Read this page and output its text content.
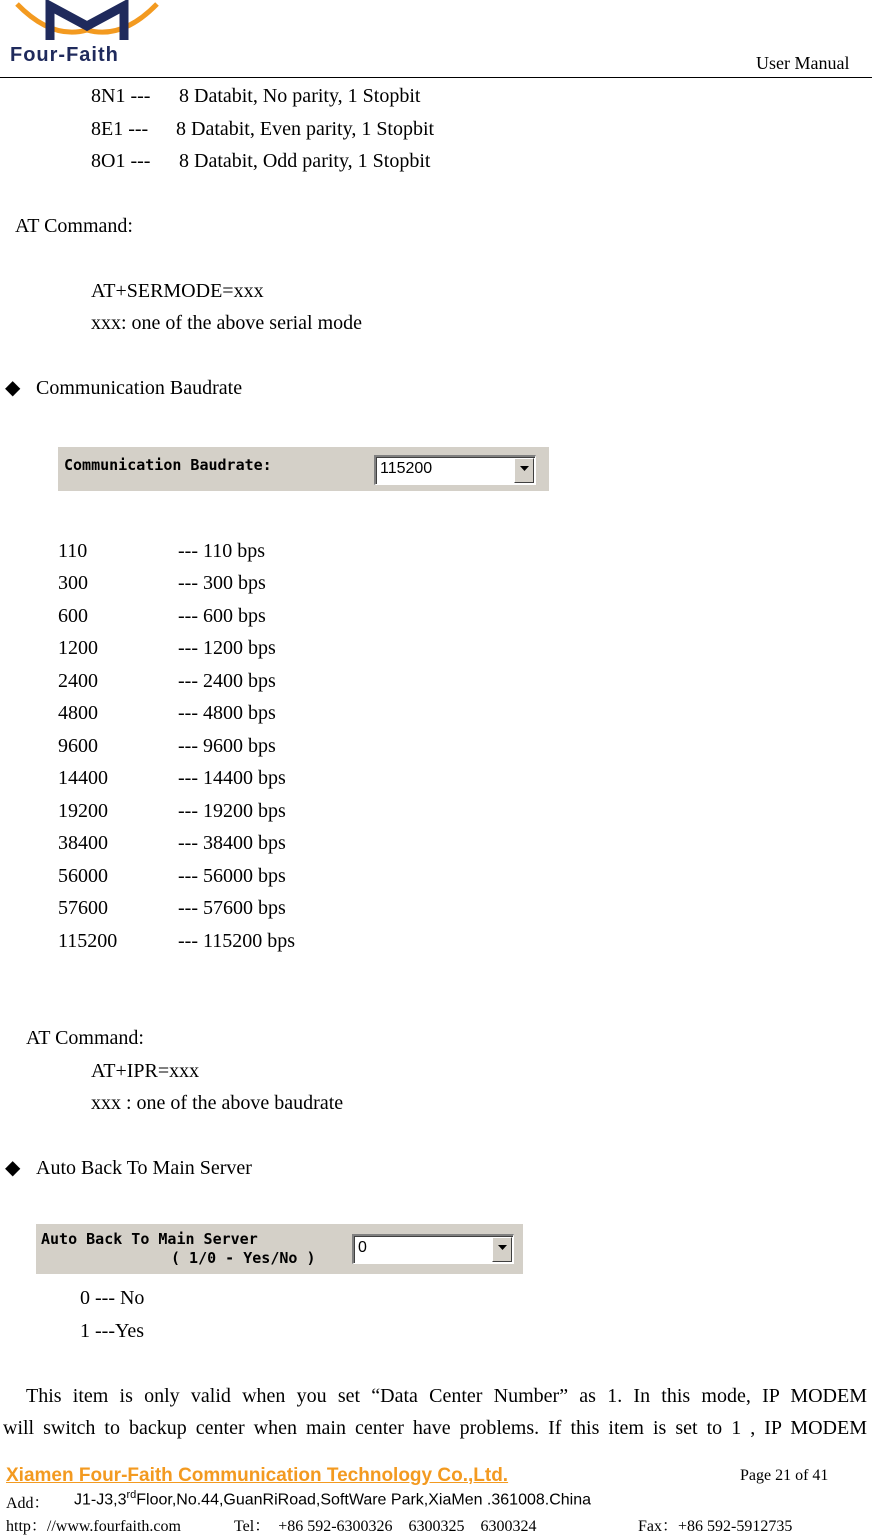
Four-Faith	User Manual
8N1 --- 8 Databit, No parity, 1 Stopbit
8E1 --- 8 Databit, Even parity, 1 Stopbit
8O1 --- 8 Databit, Odd parity, 1 Stopbit
AT Command:
AT+SERMODE=xxx
xxx: one of the above serial mode
◆ Communication Baudrate
Communication Baudrate:	115200
110	--- 110 bps
300	--- 300 bps
600	--- 600 bps
1200	--- 1200 bps
2400	--- 2400 bps
4800	--- 4800 bps
9600	--- 9600 bps
14400	--- 14400 bps
19200	--- 19200 bps
38400	--- 38400 bps
56000	--- 56000 bps
57600	--- 57600 bps
115200	--- 115200 bps
AT Command:
AT+IPR=xxx
xxx : one of the above baudrate
◆ Auto Back To Main Server
Auto Back To Main Server
( 1/0 - Yes/No )
0
0 --- No
1 ---Yes
This item is only valid when you set “Data Center Number” as 1. In this mode, IP MODEM
will switch to backup center when main center have problems. If this item is set to 1 , IP MODEM
Xiamen Four-Faith Communication Technology Co.,Ltd.	Page 21 of 41
Add： J1-J3,3rdFloor,No.44,GuanRiRoad,SoftWare Park,XiaMen .361008.China
http：//www.fourfaith.com	Tel：  +86 592-6300326    6300325    6300324	Fax：+86 592-5912735
